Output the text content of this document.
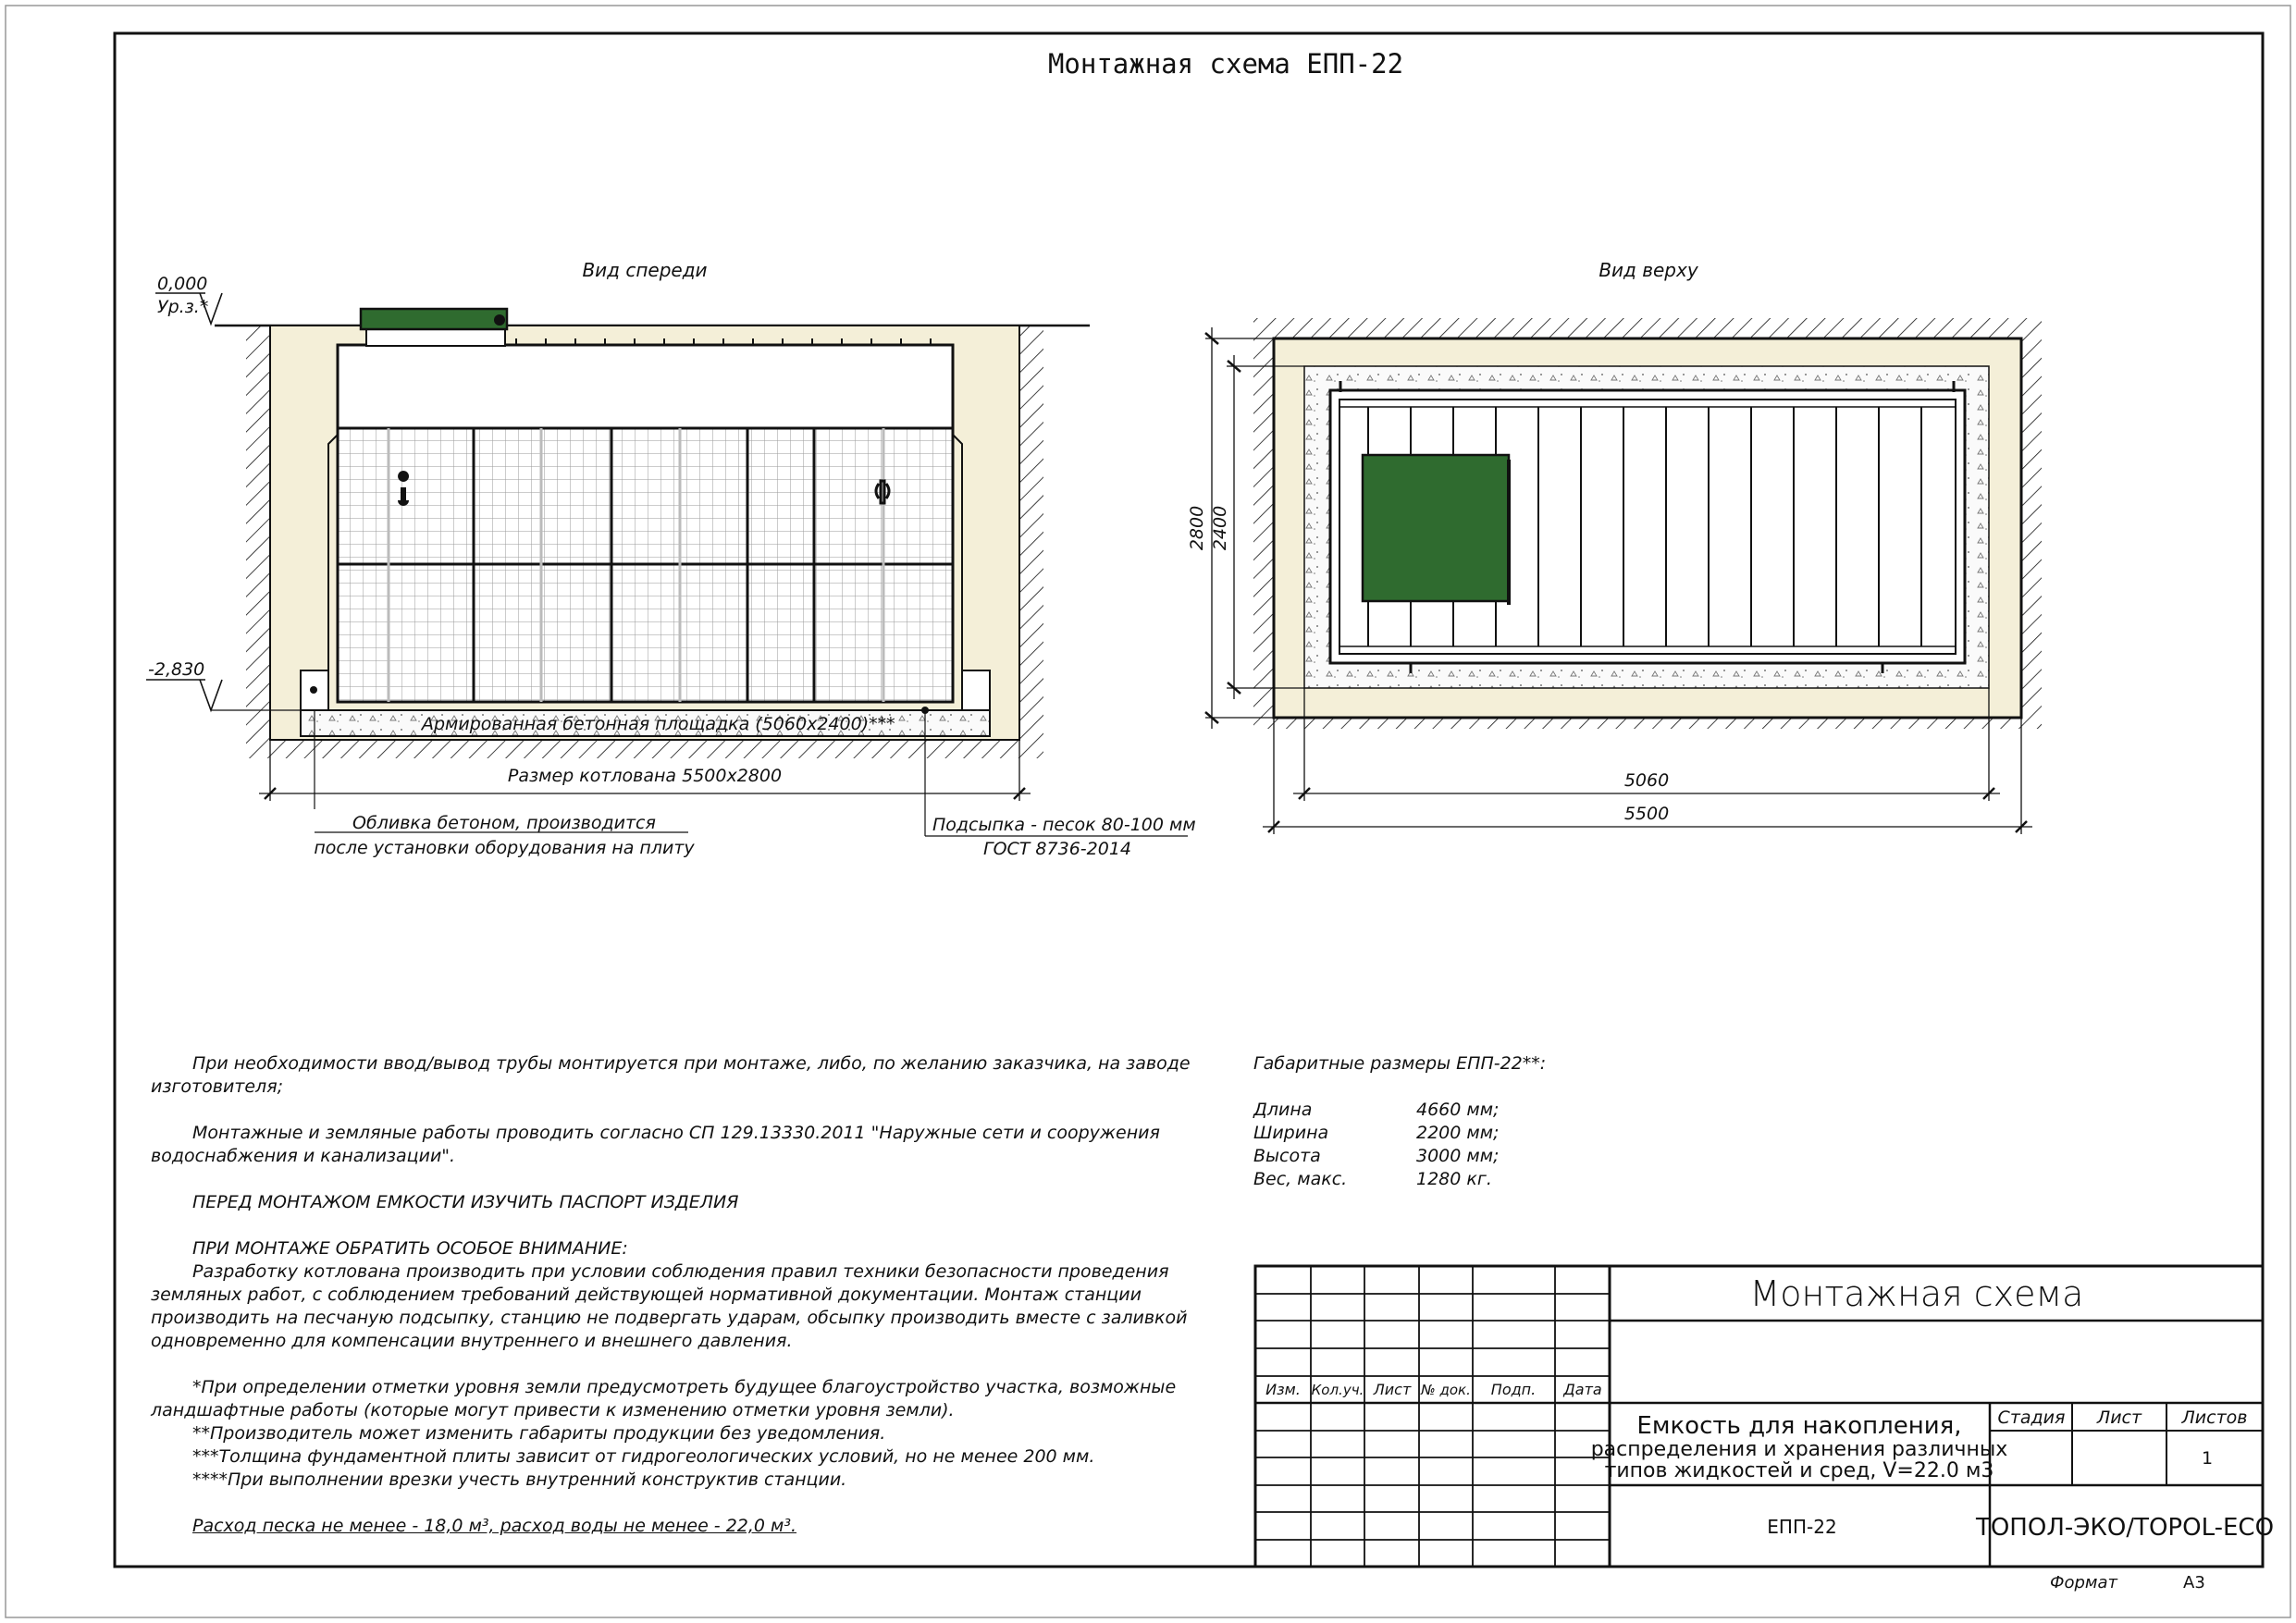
Монтажная схема ЕПП-22
Вид спереди
0,000
Ур.з.*
Армированная бетонная площадка (5060х2400)***
-2,830
Размер котлована 5500х2800
Обливка бетоном, производится
после установки оборудования на плиту
Подсыпка - песок 80-100 мм
ГОСТ 8736-2014
Вид верху
2800 2400
5060
5500
Изм. Кол.уч. Лист № док. Подп. Дата
Монтажная схема
Емкость для накопления,
распределения и хранения различных
типов жидкостей и сред, V=22.0 м3
Стадия Лист Листов
1
ЕПП-22	ТОПОЛ-ЭКО/TOPOL-ECO
Формат	А3

При необходимости ввод/вывод трубы монтируется при монтаже, либо, по желанию заказчика, на заводе изготовителя;

Монтажные и земляные работы проводить согласно СП 129.13330.2011 "Наружные сети и сооружения водоснабжения и канализации".

ПЕРЕД МОНТАЖОМ ЕМКОСТИ ИЗУЧИТЬ ПАСПОРТ ИЗДЕЛИЯ

ПРИ МОНТАЖЕ ОБРАТИТЬ ОСОБОЕ ВНИМАНИЕ:

Разработку котлована производить при условии соблюдения правил техники безопасности проведения земляных работ, с соблюдением требований действующей нормативной документации. Монтаж станции производить на песчаную подсыпку, станцию не подвергать ударам, обсыпку производить вместе с заливкой одновременно для компенсации внутреннего и внешнего давления.

*При определении отметки уровня земли предусмотреть будущее благоустройство участка, возможные ландшафтные работы (которые могут привести к изменению отметки уровня земли).

**Производитель может изменить габариты продукции без уведомления.

***Толщина фундаментной плиты зависит от гидрогеологических условий, но не менее 200 мм.

****При выполнении врезки учесть внутренний конструктив станции.

Расход песка не менее - 18,0 м³, расход воды не менее - 22,0 м³.

Габаритные размеры ЕПП-22**:
Длина	4660 мм;
Ширина	2200 мм;
Высота	3000 мм;
Вес, макс.	1280 кг.
